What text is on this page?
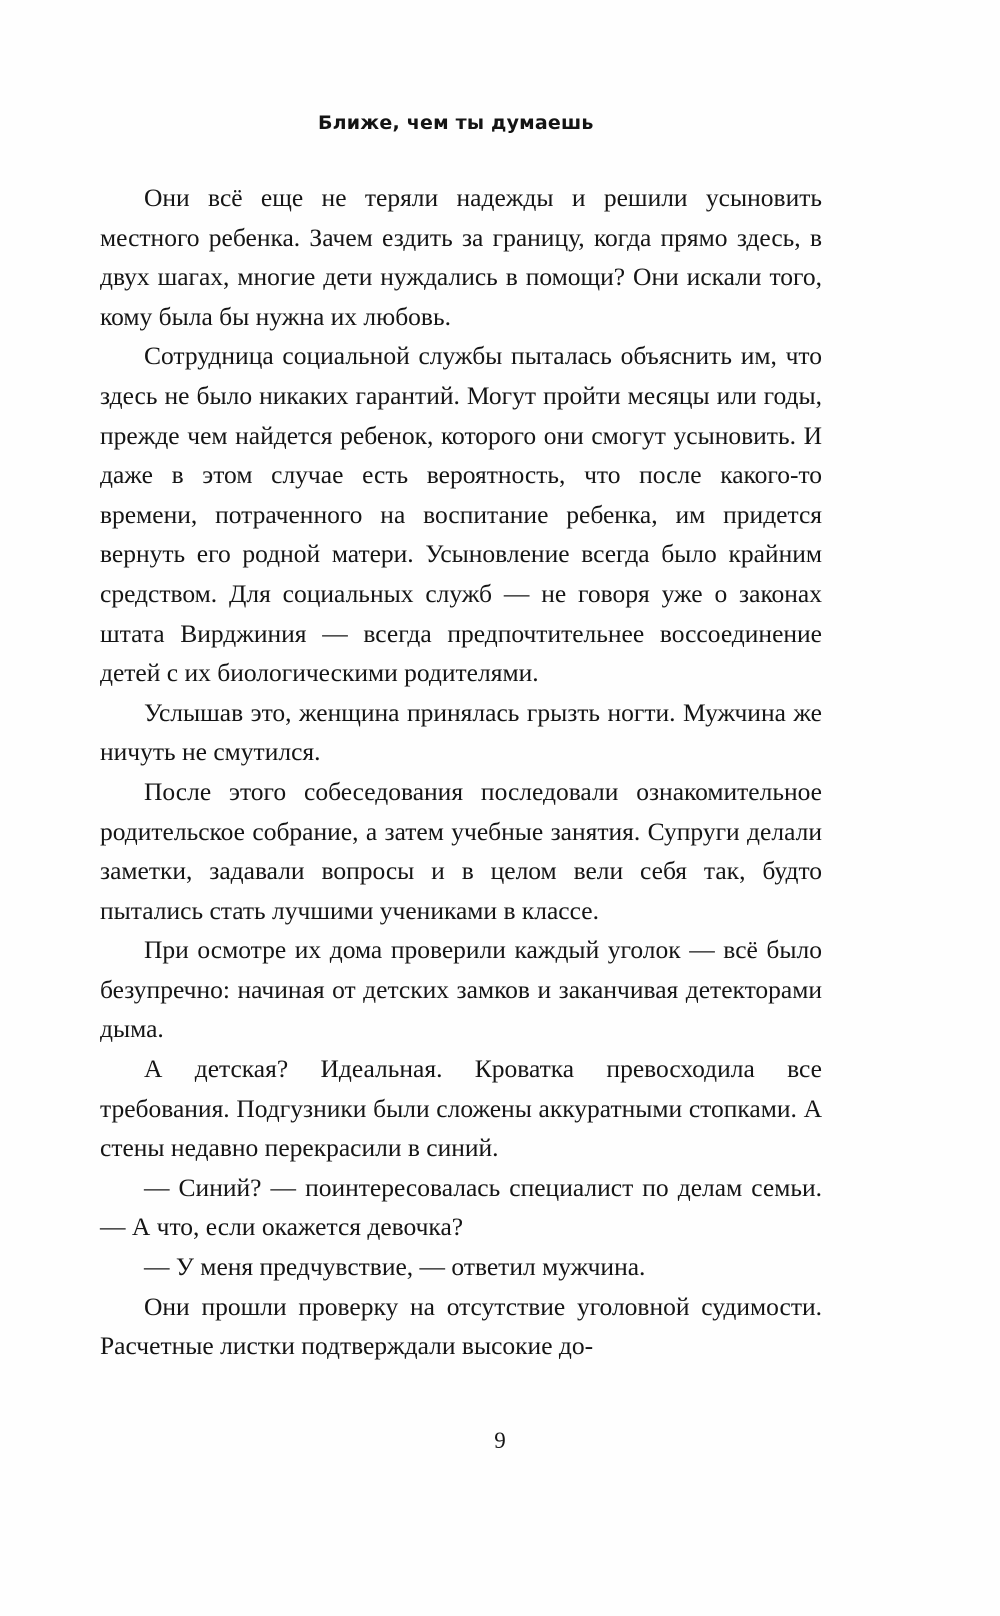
Ближе, чем ты думаешь

Они всё еще не теряли надежды и решили усыновить местного ребенка. Зачем ездить за границу, когда прямо здесь, в двух шагах, многие дети нуждались в помощи? Они искали того, кому была бы нужна их любовь.

Сотрудница социальной службы пыталась объяснить им, что здесь не было никаких гарантий. Могут пройти месяцы или годы, прежде чем найдется ребенок, которого они смогут усыновить. И даже в этом случае есть вероятность, что после какого-то времени, потраченного на воспитание ребенка, им придется вернуть его родной матери. Усыновление всегда было крайним средством. Для социальных служб — не говоря уже о законах штата Вирджиния — всегда предпочтительнее воссоединение детей с их биологическими родителями.

Услышав это, женщина принялась грызть ногти. Мужчина же ничуть не смутился.

После этого собеседования последовали ознакомительное родительское собрание, а затем учебные занятия. Супруги делали заметки, задавали вопросы и в целом вели себя так, будто пытались стать лучшими учениками в классе.

При осмотре их дома проверили каждый уголок — всё было безупречно: начиная от детских замков и заканчивая детекторами дыма.

А детская? Идеальная. Кроватка превосходила все требования. Подгузники были сложены аккуратными стопками. А стены недавно перекрасили в синий.

— Синий? — поинтересовалась специалист по делам семьи. — А что, если окажется девочка?

— У меня предчувствие, — ответил мужчина.

Они прошли проверку на отсутствие уголовной судимости. Расчетные листки подтверждали высокие до-

9
